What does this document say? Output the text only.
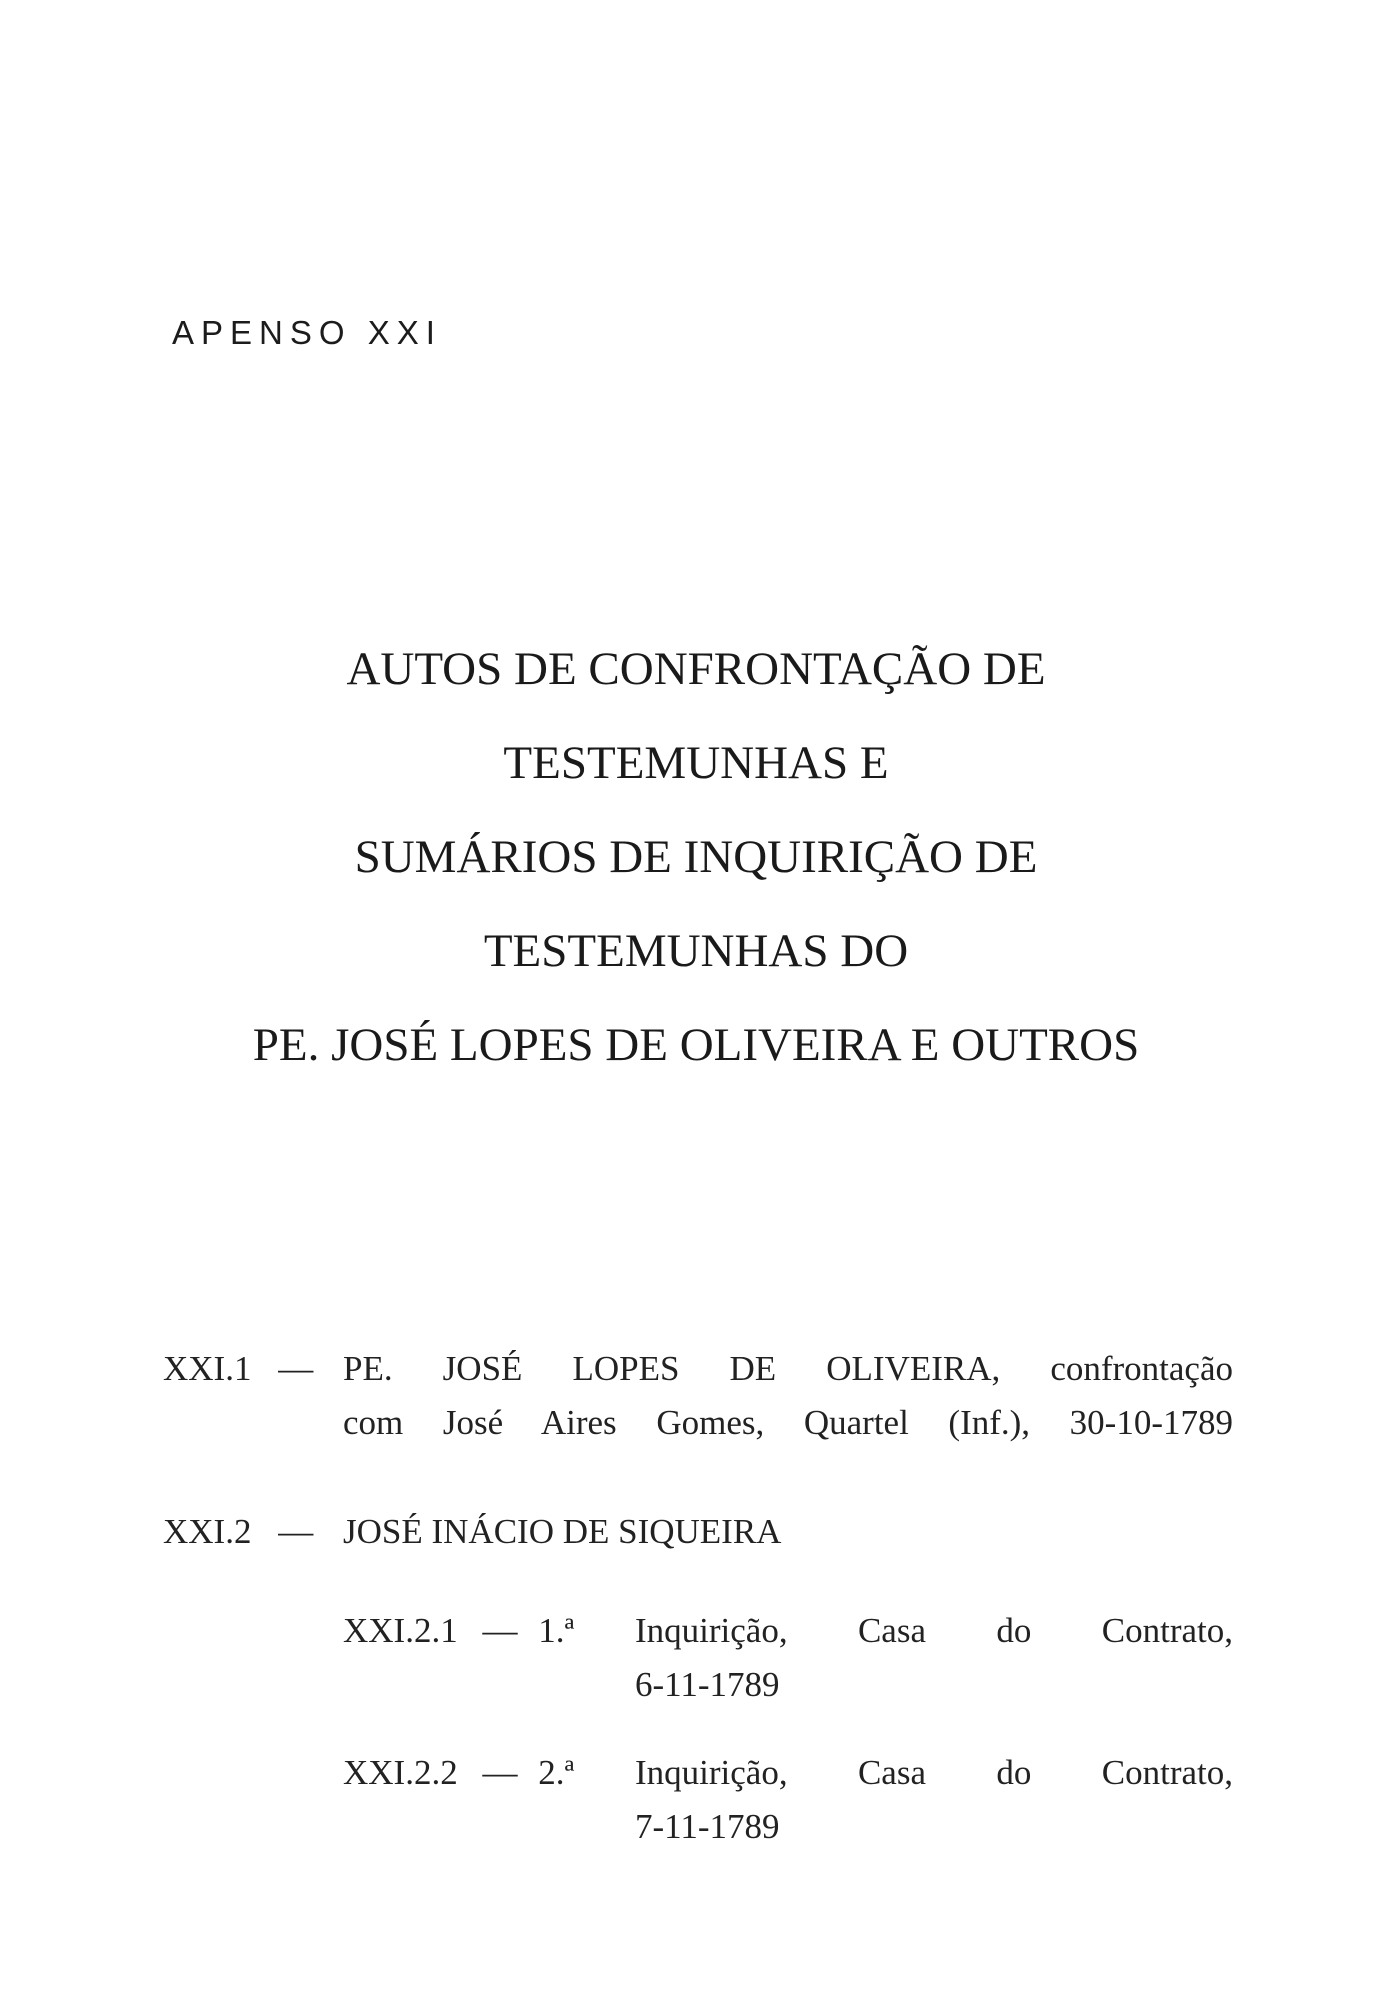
APENSO XXI
AUTOS DE CONFRONTAÇÃO DE
TESTEMUNHAS E
SUMÁRIOS DE INQUIRIÇÃO DE
TESTEMUNHAS DO
PE. JOSÉ LOPES DE OLIVEIRA E OUTROS
XXI.1 — PE. JOSÉ LOPES DE OLIVEIRA, confrontação
com José Aires Gomes, Quartel (Inf.), 30-10-1789
XXI.2 — JOSÉ INÁCIO DE SIQUEIRA
XXI.2.1 — 1.ª Inquirição, Casa do Contrato,
6-11-1789
XXI.2.2 — 2.ª Inquirição, Casa do Contrato,
7-11-1789
